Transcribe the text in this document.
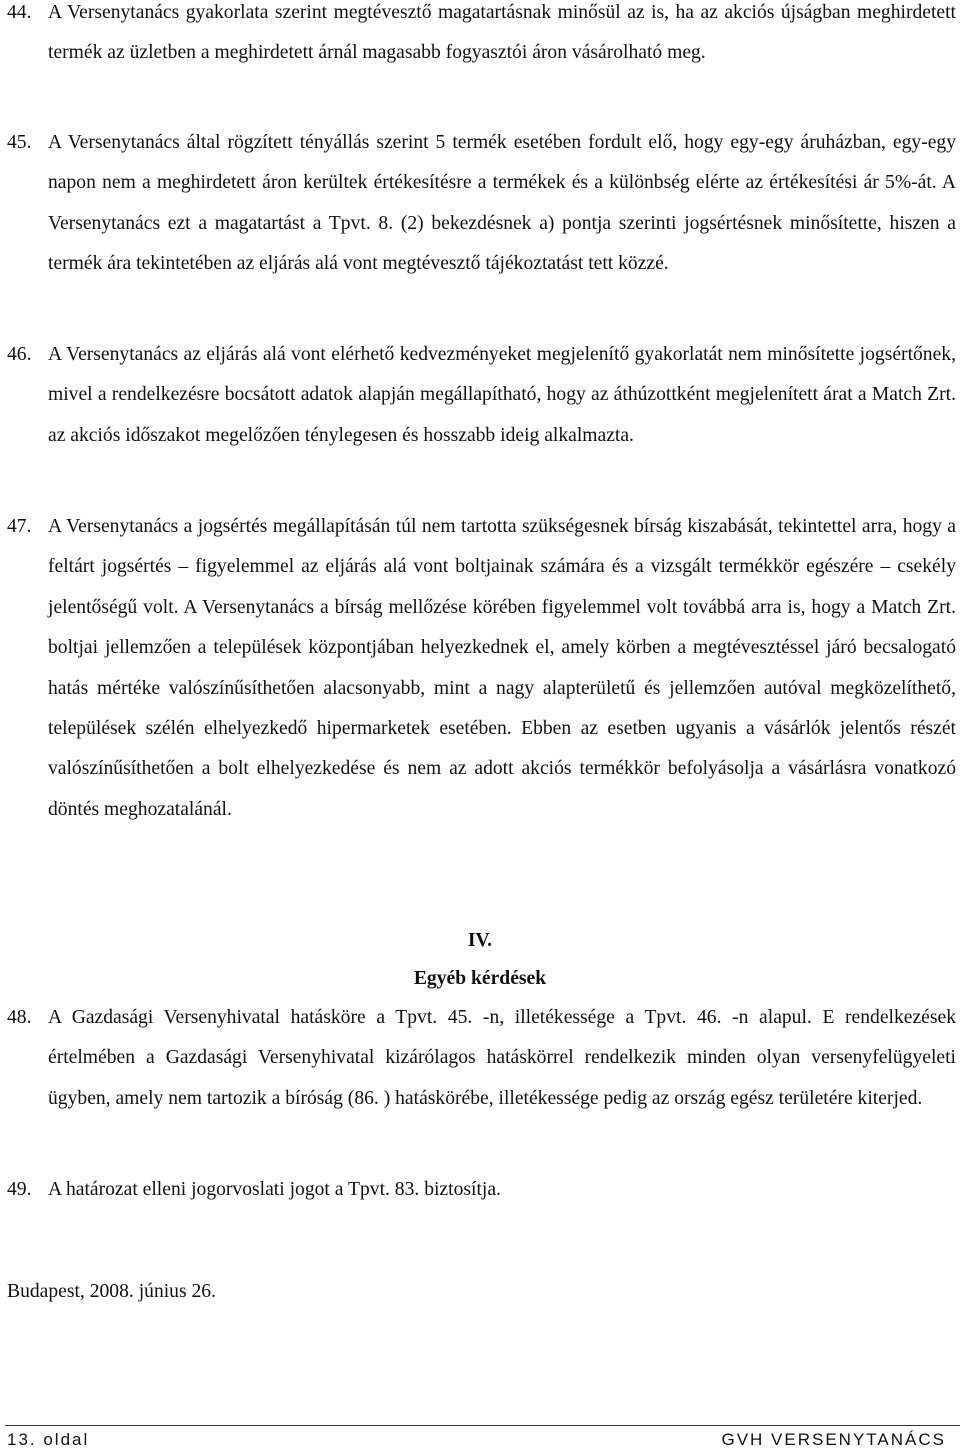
44. A Versenytanács gyakorlata szerint megtévesztő magatartásnak minősül az is, ha az akciós újságban meghirdetett termék az üzletben a meghirdetett árnál magasabb fogyasztói áron vásárolható meg.

45. A Versenytanács által rögzített tényállás szerint 5 termék esetében fordult elő, hogy egy-egy áruházban, egy-egy napon nem a meghirdetett áron kerültek értékesítésre a termékek és a különbség elérte az értékesítési ár 5%-át. A Versenytanács ezt a magatartást a Tpvt. 8. (2) bekezdésnek a) pontja szerinti jogsértésnek minősítette, hiszen a termék ára tekintetében az eljárás alá vont megtévesztő tájékoztatást tett közzé.

46. A Versenytanács az eljárás alá vont elérhető kedvezményeket megjelenítő gyakorlatát nem minősítette jogsértőnek, mivel a rendelkezésre bocsátott adatok alapján megállapítható, hogy az áthúzottként megjelenített árat a Match Zrt. az akciós időszakot megelőzően ténylegesen és hosszabb ideig alkalmazta.

47. A Versenytanács a jogsértés megállapításán túl nem tartotta szükségesnek bírság kiszabását, tekintettel arra, hogy a feltárt jogsértés – figyelemmel az eljárás alá vont boltjainak számára és a vizsgált termékkör egészére – csekély jelentőségű volt. A Versenytanács a bírság mellőzése körében figyelemmel volt továbbá arra is, hogy a Match Zrt. boltjai jellemzően a települések központjában helyezkednek el, amely körben a megtévesztéssel járó becsalogató hatás mértéke valószínűsíthetően alacsonyabb, mint a nagy alapterületű és jellemzően autóval megközelíthető, települések szélén elhelyezkedő hipermarketek esetében. Ebben az esetben ugyanis a vásárlók jelentős részét valószínűsíthetően a bolt elhelyezkedése és nem az adott akciós termékkör befolyásolja a vásárlásra vonatkozó döntés meghozatalánál.

IV.

Egyéb kérdések

48. A Gazdasági Versenyhivatal hatásköre a Tpvt. 45. -n, illetékessége a Tpvt. 46. -n alapul. E rendelkezések értelmében a Gazdasági Versenyhivatal kizárólagos hatáskörrel rendelkezik minden olyan versenyfelügyeleti ügyben, amely nem tartozik a bíróság (86. ) hatáskörébe, illetékessége pedig az ország egész területére kiterjed.

49. A határozat elleni jogorvoslati jogot a Tpvt. 83. biztosítja.

Budapest, 2008. június 26.
13. oldal	GVH VERSENYTANÁCS
